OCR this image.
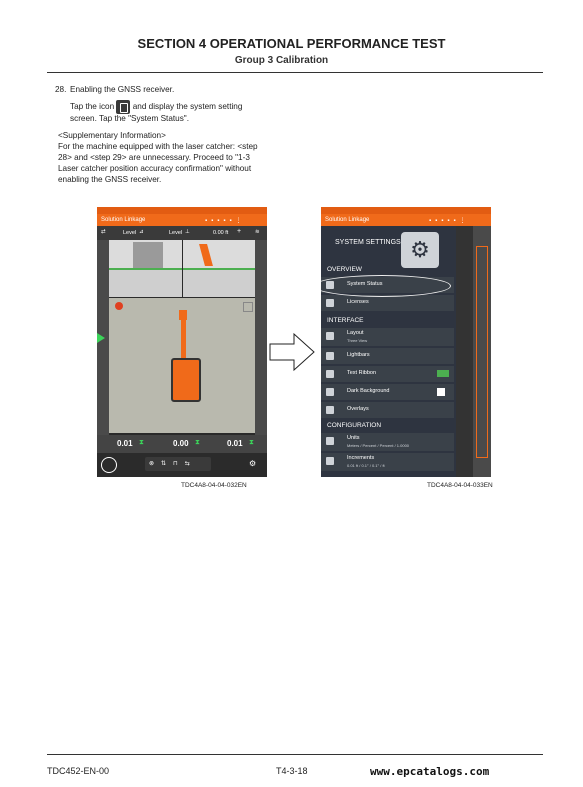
SECTION 4 OPERATIONAL PERFORMANCE TEST
Group 3 Calibration
28. Enabling the GNSS receiver.
Tap the icon and display the system setting
screen. Tap the "System Status".
<Supplementary Information>
For the machine equipped with the laser catcher: <step
28> and <step 29> are unnecessary. Proceed to "1-3
Laser catcher position accuracy confirmation" without
enabling the GNSS receiver.
Solution Linkage	▪▪▪▪▪⋮
⇄	Level ⊿	Level ⊥	0.00 ft +	≋
0.01 ⧗	0.00 ⧗	0.01 ⧗
⊗⇅⊓⇆	⚙
TDC4A8-04-04-032EN
Solution Linkage	▪▪▪▪▪⋮
SYSTEM SETTINGS ⚙
OVERVIEW
System Status
Licenses
INTERFACE
Layout
Three View
Lightbars
Text Ribbon
Dark Background
Overlays
CONFIGURATION
Units
Meters / Percent / Percent / 1.0000
Increments
0.01 ft / 0.1° / 0.1° / ft
TDC4A8-04-04-033EN
TDC452-EN-00	T4-3-18	www.epcatalogs.com
